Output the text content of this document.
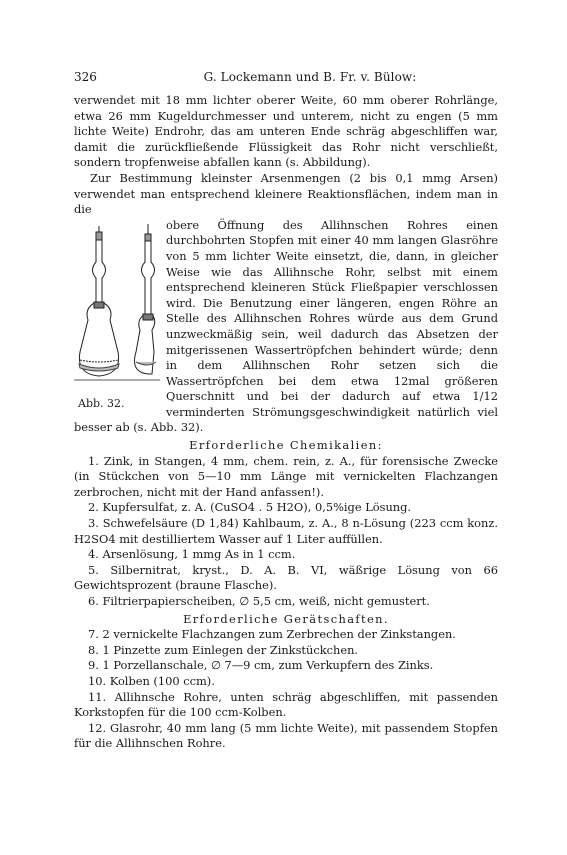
326	G. Lockemann und B. Fr. v. Bülow:

verwendet mit 18 mm lichter oberer Weite, 60 mm oberer Rohrlänge, etwa 26 mm Kugeldurchmesser und unterem, nicht zu engen (5 mm lichte Weite) Endrohr, das am unteren Ende schräg abgeschliffen war, damit die zurückfließende Flüssigkeit das Rohr nicht verschließt, sondern tropfenweise abfallen kann (s. Abbildung).

Zur Bestimmung kleinster Arsenmengen (2 bis 0,1 mmg Arsen) verwendet man entsprechend kleinere Reaktionsflächen, indem man in die

Abb. 32.

obere Öffnung des Allihnschen Rohres einen durchbohrten Stopfen mit einer 40 mm langen Glasröhre von 5 mm lichter Weite einsetzt, die, dann, in gleicher Weise wie das Allihnsche Rohr, selbst mit einem entsprechend kleineren Stück Fließpapier verschlossen wird. Die Benutzung einer längeren, engen Röhre an Stelle des Allihnschen Rohres würde aus dem Grund unzweckmäßig sein, weil dadurch das Absetzen der mitgerissenen Wassertröpfchen behindert würde; denn in dem Allihnschen Rohr setzen sich die Wassertröpfchen bei dem etwa 12mal größeren Querschnitt und bei der dadurch auf etwa 1/12 verminderten Strömungsgeschwindigkeit natürlich viel besser ab (s. Abb. 32).

Erforderliche Chemikalien:

1. Zink, in Stangen, 4 mm, chem. rein, z. A., für forensische Zwecke (in Stückchen von 5—10 mm Länge mit vernickelten Flachzangen zerbrochen, nicht mit der Hand anfassen!).

2. Kupfersulfat, z. A. (CuSO4 . 5 H2O), 0,5%ige Lösung.

3. Schwefelsäure (D 1,84) Kahlbaum, z. A., 8 n-Lösung (223 ccm konz. H2SO4 mit destilliertem Wasser auf 1 Liter auffüllen.

4. Arsenlösung, 1 mmg As in 1 ccm.

5. Silbernitrat, kryst., D. A. B. VI, wäßrige Lösung von 66 Gewichtsprozent (braune Flasche).

6. Filtrierpapierscheiben, ∅ 5,5 cm, weiß, nicht gemustert.

Erforderliche Gerätschaften.

7. 2 vernickelte Flachzangen zum Zerbrechen der Zinkstangen.

8. 1 Pinzette zum Einlegen der Zinkstückchen.

9. 1 Porzellanschale, ∅ 7—9 cm, zum Verkupfern des Zinks.

10. Kolben (100 ccm).

11. Allihnsche Rohre, unten schräg abgeschliffen, mit passenden Korkstopfen für die 100 ccm-Kolben.

12. Glasrohr, 40 mm lang (5 mm lichte Weite), mit passendem Stopfen für die Allihnschen Rohre.
